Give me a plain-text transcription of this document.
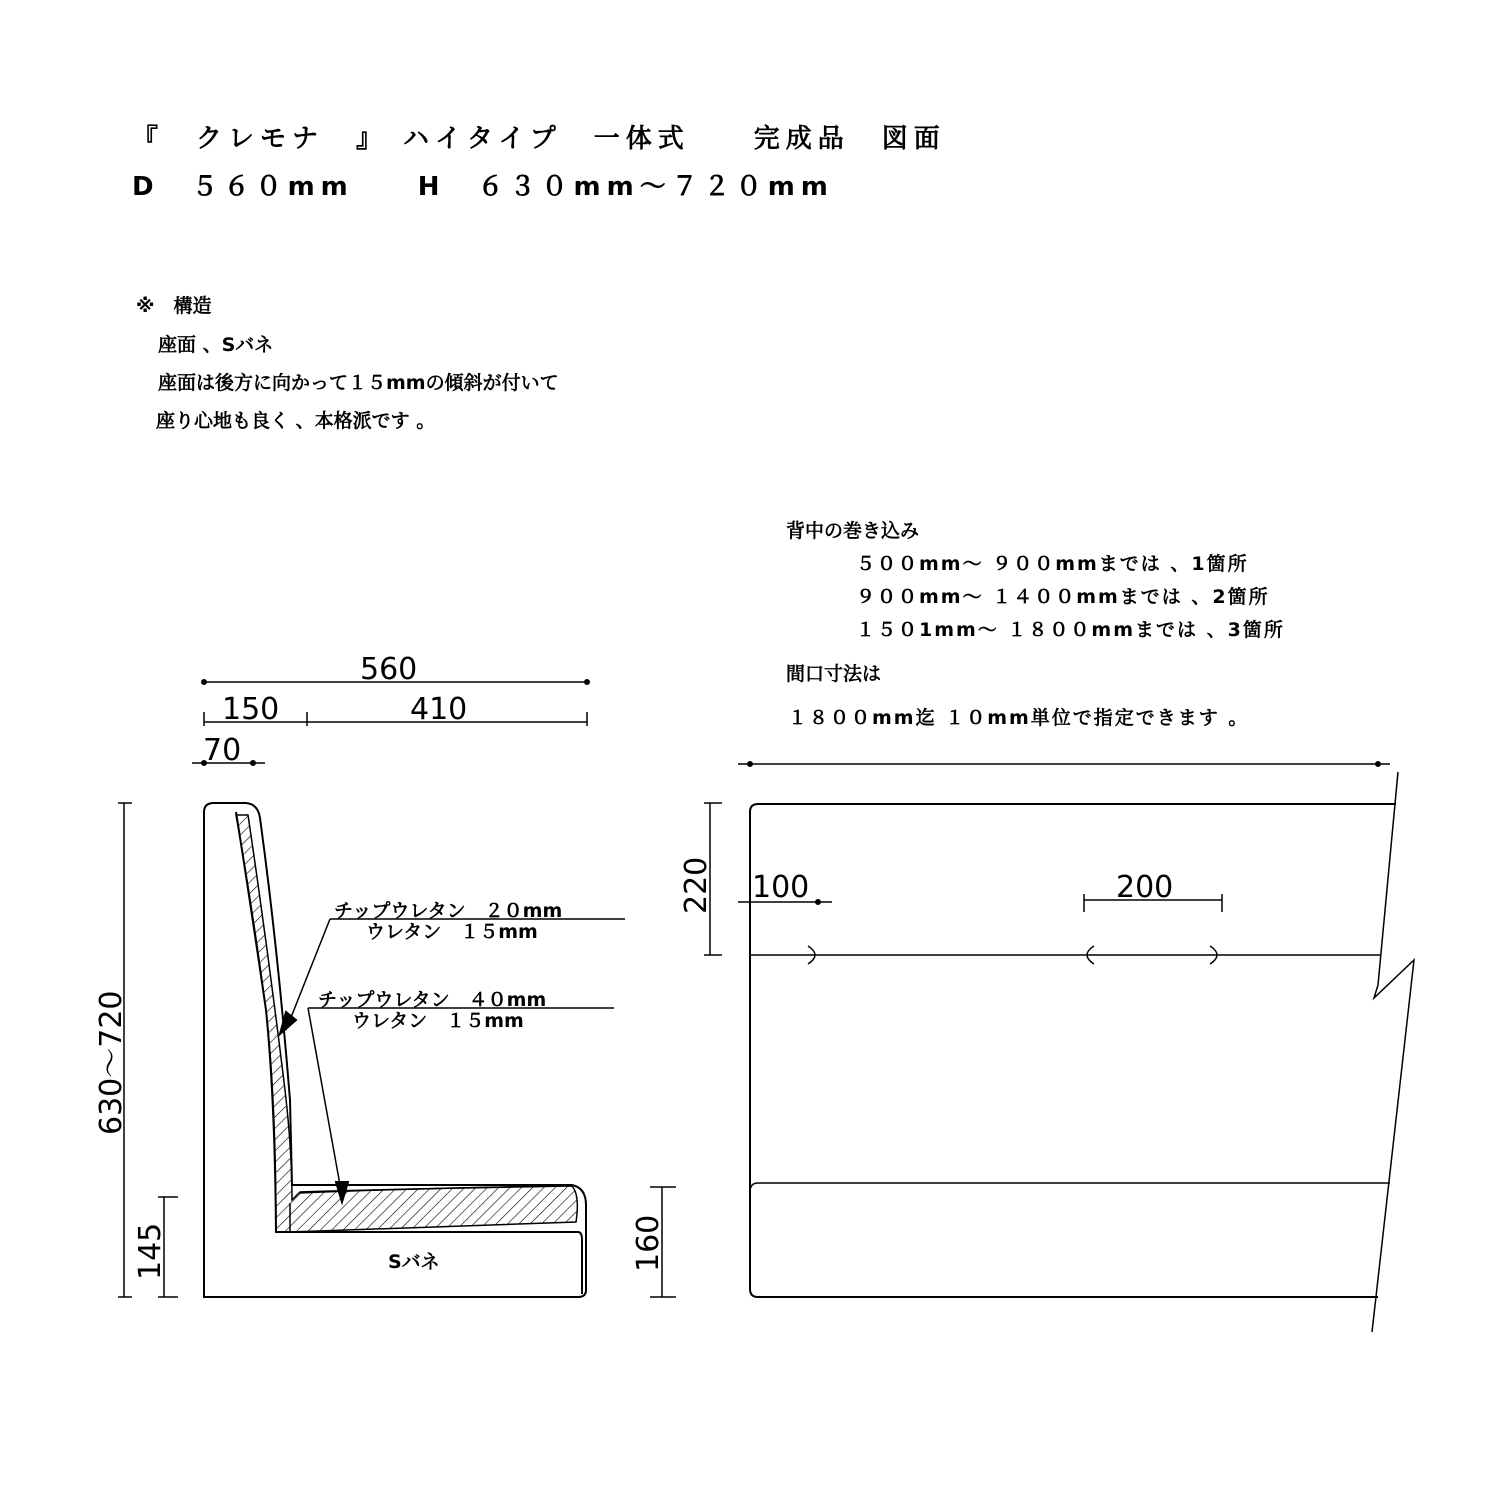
『　クレモナ　』 ハイタイプ　一体式　　完成品　図面
D　５６０mm　　H　６３０mm～７２０mm
※　構造
座面 、Sバネ
座面は後方に向かって１５mmの傾斜が付いて
座り心地も良く 、本格派です 。
背中の巻き込み
５００mm～ ９００mmまでは 、1箇所
９００mm～ １４００mmまでは 、2箇所
１５０1mm～ １８００mmまでは 、3箇所
間口寸法は
１８００mm迄 １０mm単位で指定できます 。
560
150	410
70
630～720
145
チップウレタン　２０mm
ウレタン　１５mm
チップウレタン　４０mm
ウレタン　１５mm
Sバネ
220 100	200
160
